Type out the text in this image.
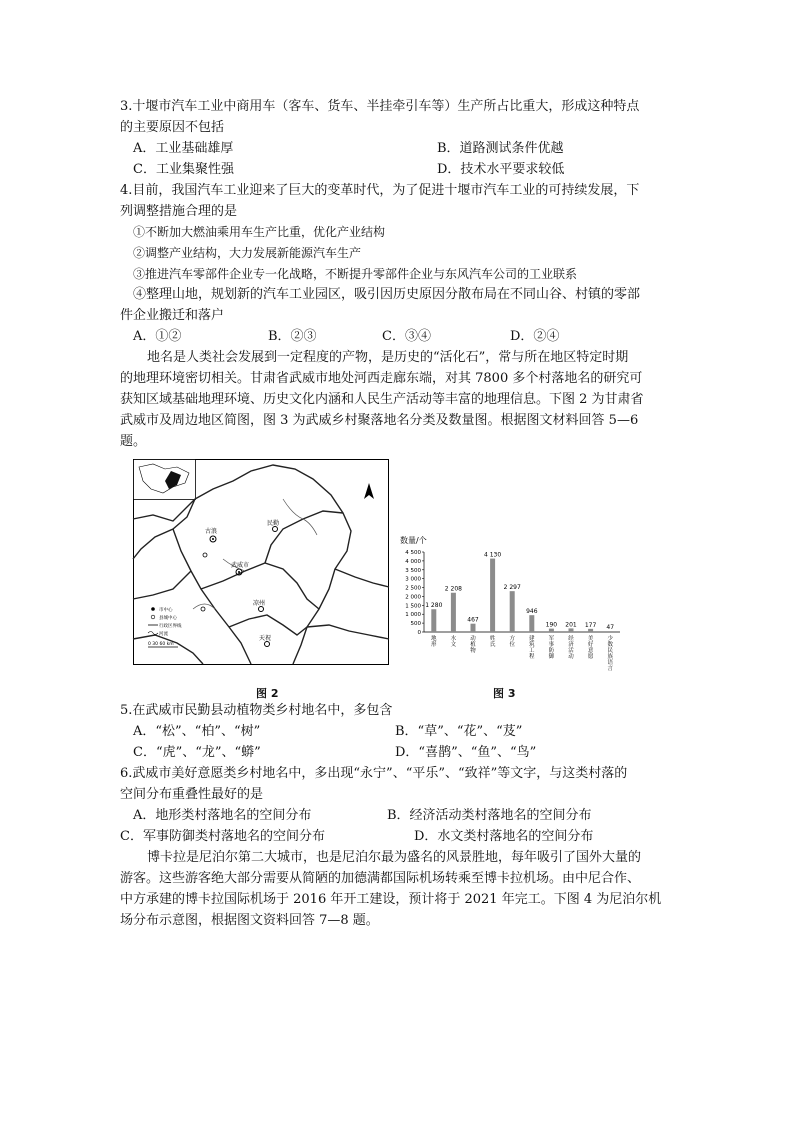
3.十堰市汽车工业中商用车（客车、货车、半挂牵引车等）生产所占比重大，形成这种特点
的主要原因不包括
A．工业基础雄厚	B．道路测试条件优越
C．工业集聚性强	D．技术水平要求较低
4.目前，我国汽车工业迎来了巨大的变革时代，为了促进十堰市汽车工业的可持续发展，下
列调整措施合理的是
①不断加大燃油乘用车生产比重，优化产业结构
②调整产业结构，大力发展新能源汽车生产
③推进汽车零部件企业专一化战略，不断提升零部件企业与东风汽车公司的工业联系
④整理山地，规划新的汽车工业园区，吸引因历史原因分散布局在不同山谷、村镇的零部
件企业搬迁和落户
A．①②	B．②③	C．③④	D．②④
地名是人类社会发展到一定程度的产物，是历史的“活化石”，常与所在地区特定时期
的地理环境密切相关。甘肃省武威市地处河西走廊东端，对其 7800 多个村落地名的研究可
获知区域基础地理环境、历史文化内涵和人民生产活动等丰富的地理信息。下图 2 为甘肃省
武威市及周边地区简图，图 3 为武威乡村聚落地名分类及数量图。根据图文材料回答 5—6
题。
古浪
武威市
凉州
民勤
天祝
市中心
县城中心
行政区界线
河流
0 30 60 km
图 2
数量/个
4 500
4 000
3 500
3 000
2 500
2 000
1 500
1 000
500
0
1 280
2 208
467
4 130
2 297
946
190 201 177 47
地形
水文
动植物
姓氏
方位
建筑工程
军事防御
经济活动
美好意愿
少数民族语言
图 3
5.在武威市民勤县动植物类乡村地名中，多包含
A．“松”、“柏”、“树”	B．“草”、“花”、“芨”
C．“虎”、“龙”、“蟒”	D．“喜鹊”、“鱼”、“鸟”
6.武威市美好意愿类乡村地名中，多出现“永宁”、“平乐”、“致祥”等文字，与这类村落的
空间分布重叠性最好的是
A．地形类村落地名的空间分布	B．经济活动类村落地名的空间分布
C．军事防御类村落地名的空间分布	D．水文类村落地名的空间分布
博卡拉是尼泊尔第二大城市，也是尼泊尔最为盛名的风景胜地，每年吸引了国外大量的
游客。这些游客绝大部分需要从简陋的加德满都国际机场转乘至博卡拉机场。由中尼合作、
中方承建的博卡拉国际机场于 2016 年开工建设，预计将于 2021 年完工。下图 4 为尼泊尔机
场分布示意图，根据图文资料回答 7—8 题。
